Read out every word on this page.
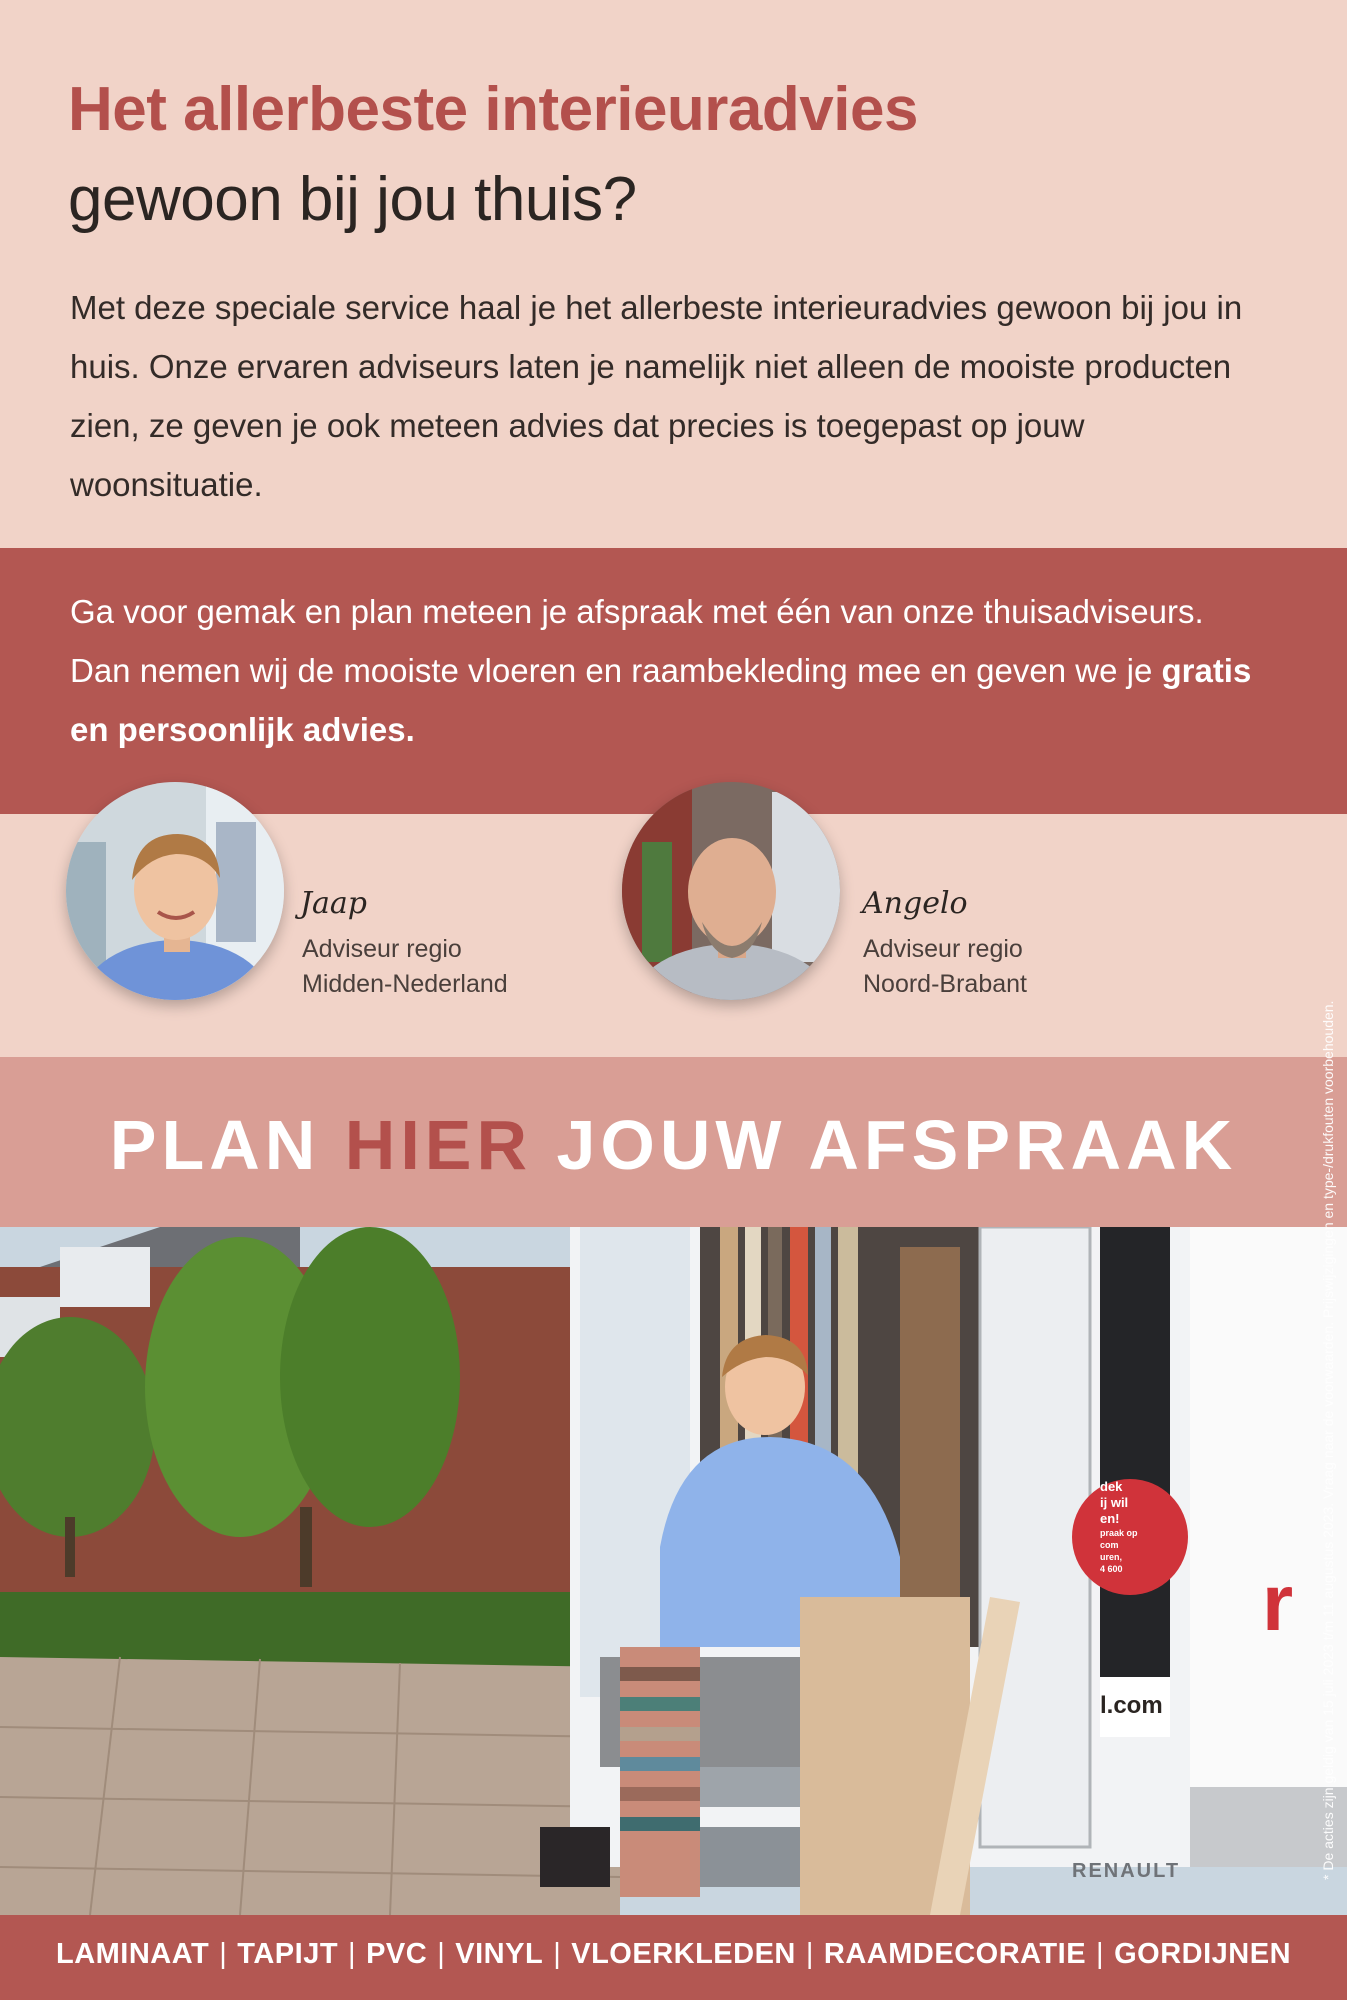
Het allerbeste interieuradvies
gewoon bij jou thuis?
Met deze speciale service haal je het allerbeste interieuradvies gewoon bij jou in huis. Onze ervaren adviseurs laten je namelijk niet alleen de mooiste producten zien, ze geven je ook meteen advies dat precies is toegepast op jouw woonsituatie.
Ga voor gemak en plan meteen je afspraak met één van onze thuisadviseurs. Dan nemen wij de mooiste vloeren en raambekleding mee en geven we je gratis en persoonlijk advies.
Jaap
Adviseur regio
Midden-Nederland
Angelo
Adviseur regio
Noord-Brabant
PLAN HIER JOUW AFSPRAAK
dek
ij wil
en!
praak op
com
uren,
4 600
l.com
r
RENAULT
LAMINAAT | TAPIJT | PVC | VINYL | VLOERKLEDEN | RAAMDECORATIE | GORDIJNEN
* De acties zijn geldig van 15 juli 2023 t/m 11 augustus 2023. Vraag naar de voorwaarden. Prijswijzigingen en type-/drukfouten voorbehouden.
